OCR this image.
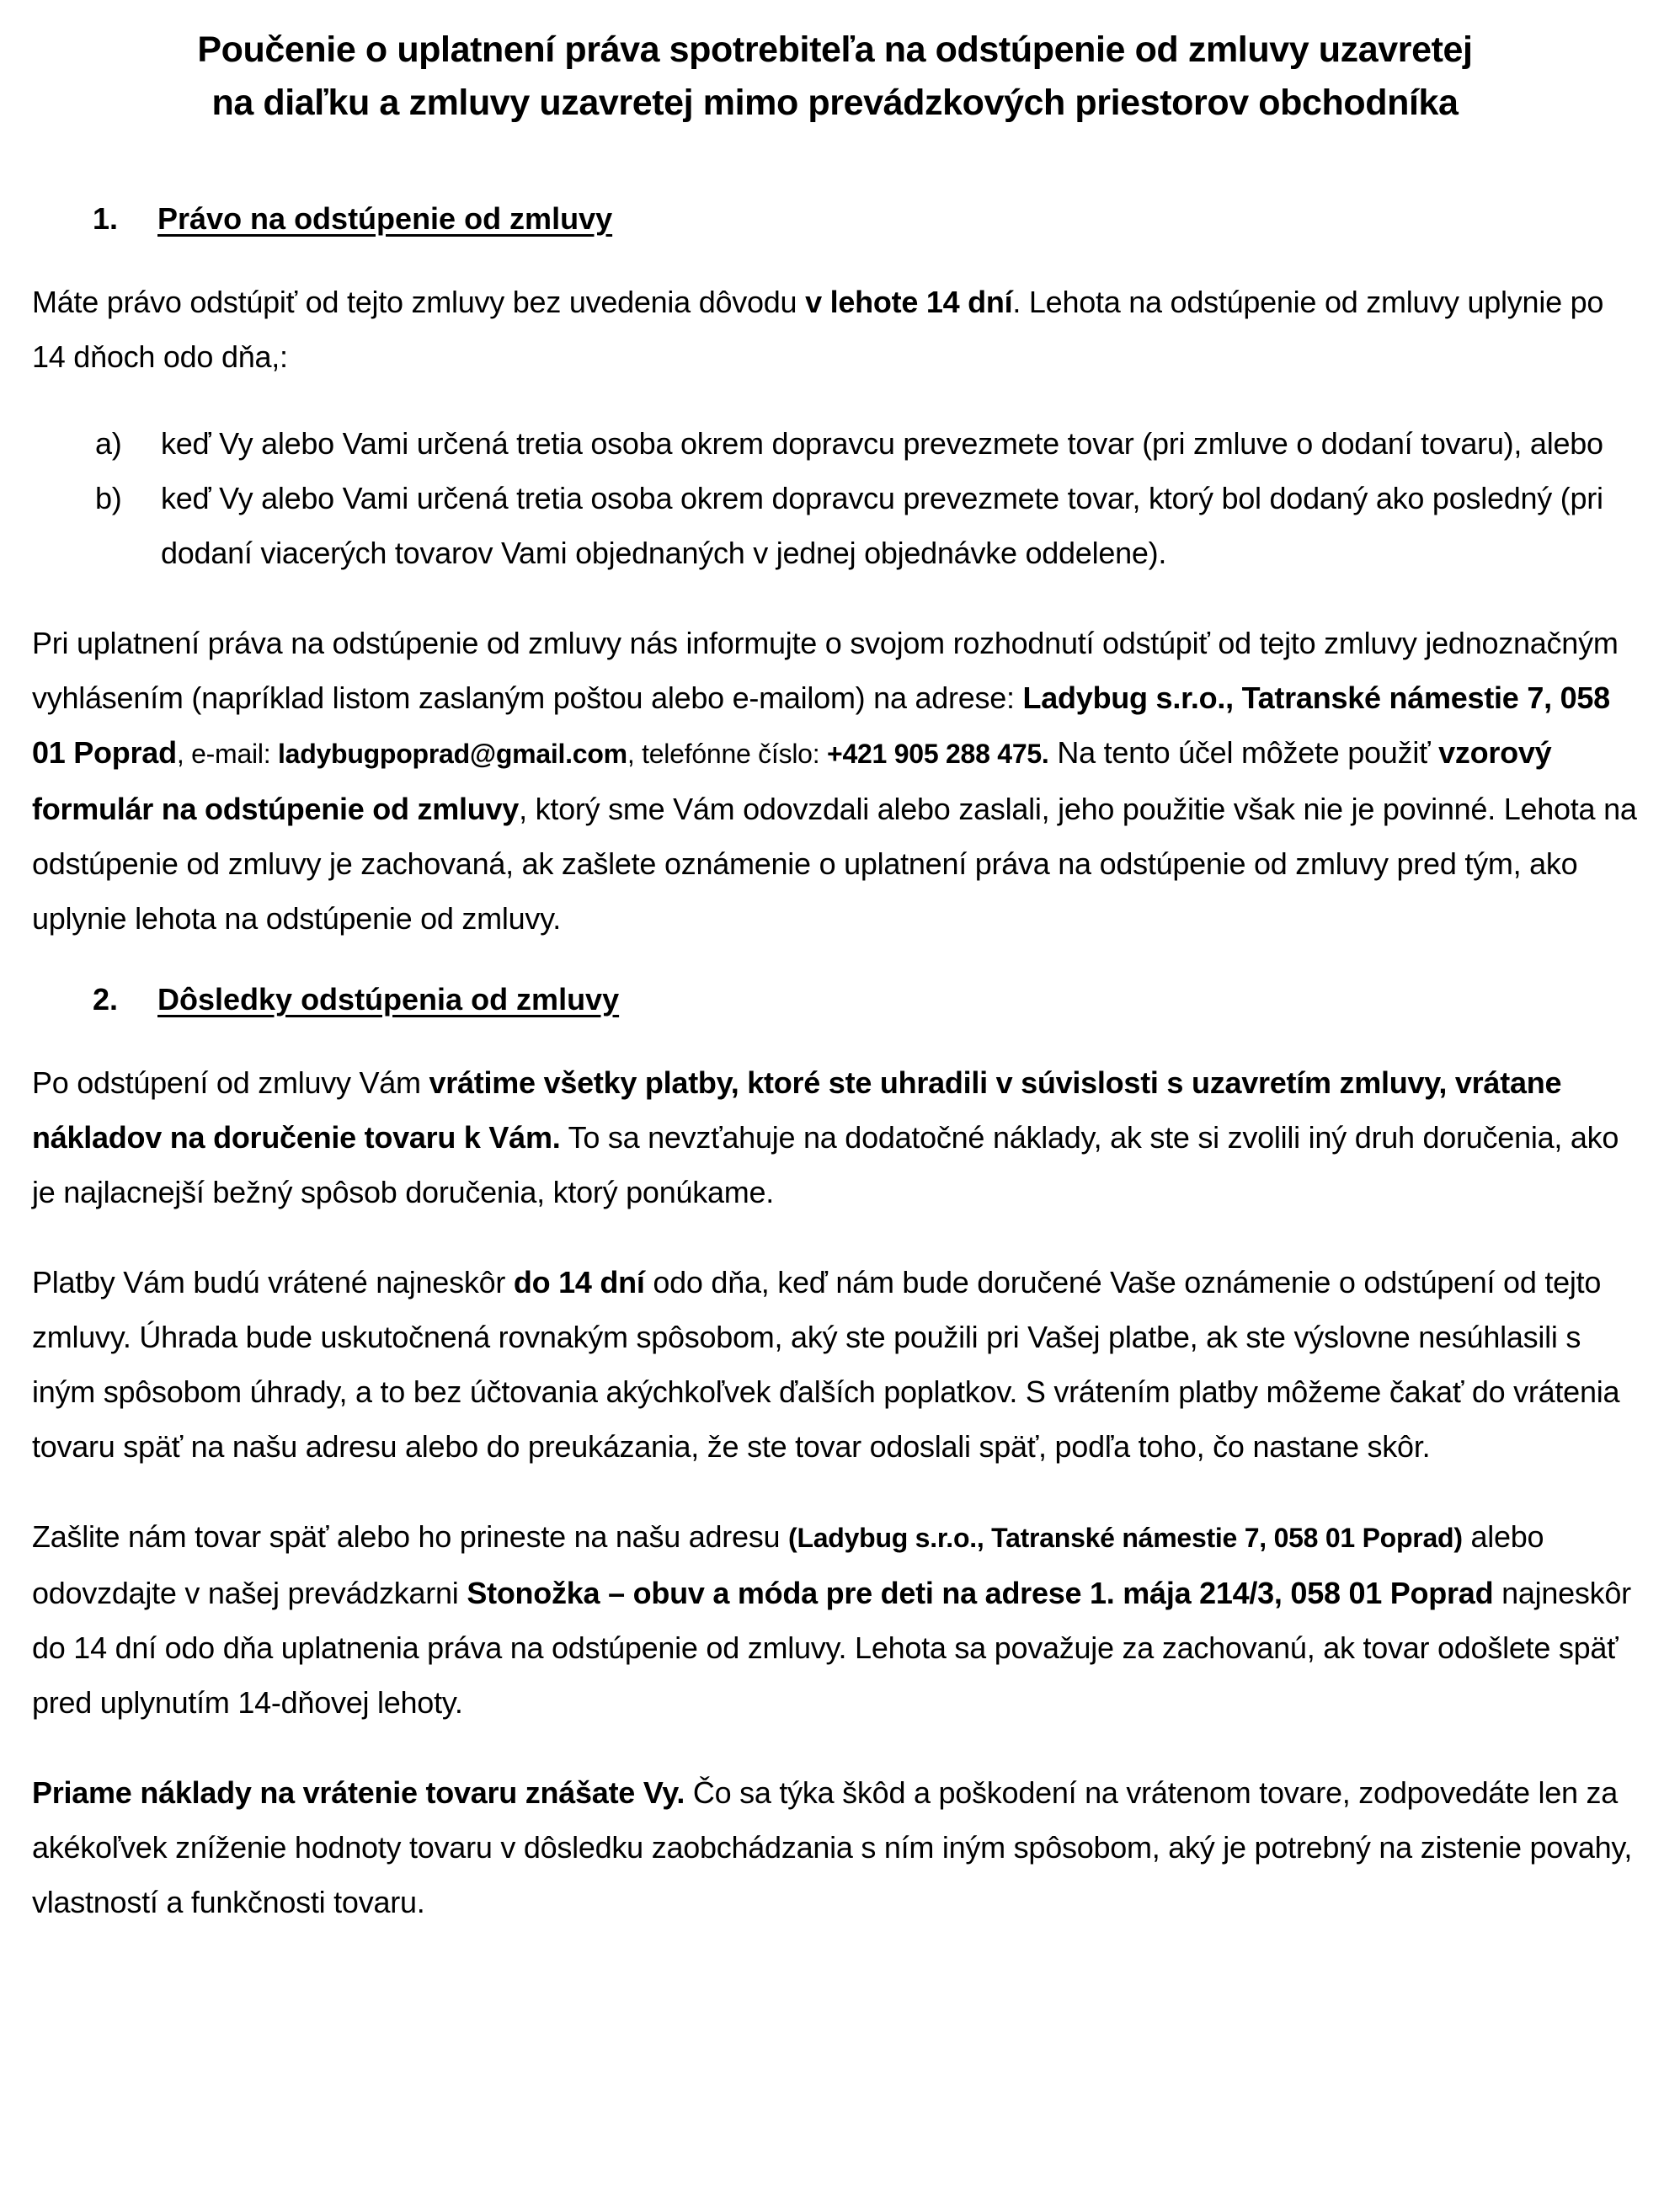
Poučenie o uplatnení práva spotrebiteľa na odstúpenie od zmluvy uzavretej
na diaľku a zmluvy uzavretej mimo prevádzkových priestorov obchodníka
1.	Právo na odstúpenie od zmluvy

Máte právo odstúpiť od tejto zmluvy bez uvedenia dôvodu v lehote 14 dní. Lehota na odstúpenie od zmluvy uplynie po 14 dňoch odo dňa,:

a)	keď Vy alebo Vami určená tretia osoba okrem dopravcu prevezmete tovar (pri zmluve o dodaní tovaru), alebo
b)	keď Vy alebo Vami určená tretia osoba okrem dopravcu prevezmete tovar, ktorý bol dodaný ako posledný (pri dodaní viacerých tovarov Vami objednaných v jednej objednávke oddelene).

Pri uplatnení práva na odstúpenie od zmluvy nás informujte o svojom rozhodnutí odstúpiť od tejto zmluvy jednoznačným vyhlásením (napríklad listom zaslaným poštou alebo e-mailom) na adrese: Ladybug s.r.o., Tatranské námestie 7, 058 01 Poprad, e-mail: ladybugpoprad@gmail.com, telefónne číslo: +421 905 288 475. Na tento účel môžete použiť vzorový formulár na odstúpenie od zmluvy, ktorý sme Vám odovzdali alebo zaslali, jeho použitie však nie je povinné. Lehota na odstúpenie od zmluvy je zachovaná, ak zašlete oznámenie o uplatnení práva na odstúpenie od zmluvy pred tým, ako uplynie lehota na odstúpenie od zmluvy.

2.	Dôsledky odstúpenia od zmluvy

Po odstúpení od zmluvy Vám vrátime všetky platby, ktoré ste uhradili v súvislosti s uzavretím zmluvy, vrátane nákladov na doručenie tovaru k Vám. To sa nevzťahuje na dodatočné náklady, ak ste si zvolili iný druh doručenia, ako je najlacnejší bežný spôsob doručenia, ktorý ponúkame.

Platby Vám budú vrátené najneskôr do 14 dní odo dňa, keď nám bude doručené Vaše oznámenie o odstúpení od tejto zmluvy. Úhrada bude uskutočnená rovnakým spôsobom, aký ste použili pri Vašej platbe, ak ste výslovne nesúhlasili s iným spôsobom úhrady, a to bez účtovania akýchkoľvek ďalších poplatkov. S vrátením platby môžeme čakať do vrátenia tovaru späť na našu adresu alebo do preukázania, že ste tovar odoslali späť, podľa toho, čo nastane skôr.

Zašlite nám tovar späť alebo ho prineste na našu adresu (Ladybug s.r.o., Tatranské námestie 7, 058 01 Poprad) alebo odovzdajte v našej prevádzkarni Stonožka – obuv a móda pre deti na adrese 1. mája 214/3, 058 01 Poprad najneskôr do 14 dní odo dňa uplatnenia práva na odstúpenie od zmluvy. Lehota sa považuje za zachovanú, ak tovar odošlete späť pred uplynutím 14-dňovej lehoty.

Priame náklady na vrátenie tovaru znášate Vy. Čo sa týka škôd a poškodení na vrátenom tovare, zodpovedáte len za akékoľvek zníženie hodnoty tovaru v dôsledku zaobchádzania s ním iným spôsobom, aký je potrebný na zistenie povahy, vlastností a funkčnosti tovaru.
